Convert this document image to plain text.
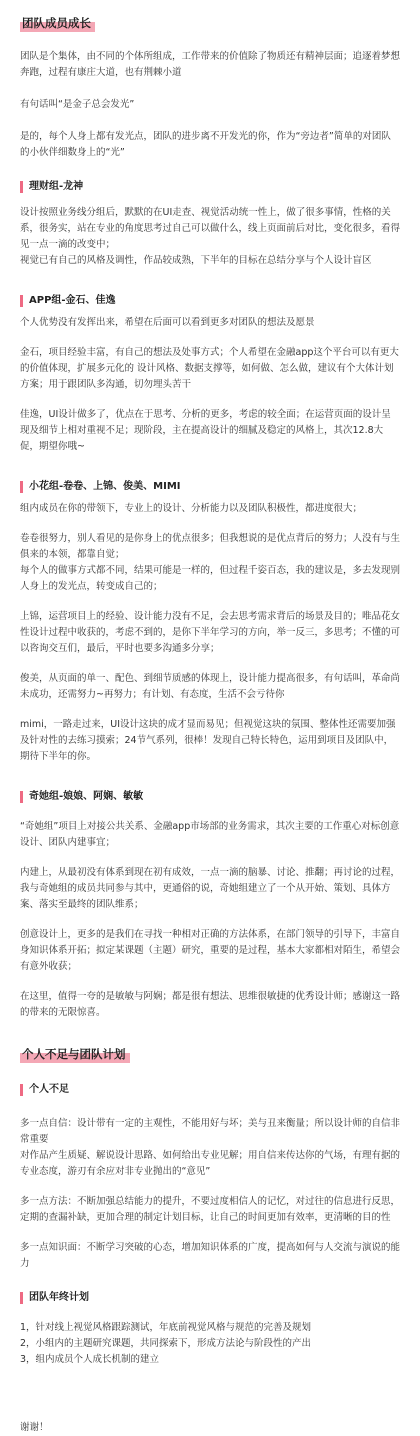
团队成员成长

团队是个集体，由不同的个体所组成，工作带来的价值除了物质还有精神层面；追逐着梦想奔跑，过程有康庄大道，也有荆棘小道

有句话叫“是金子总会发光”

是的，每个人身上都有发光点，团队的进步离不开发光的你，作为“旁边者”简单的对团队的小伙伴细数身上的“光”

理财组-龙神

设计按照业务线分组后，默默的在UI走查、视觉活动统一性上，做了很多事情，性格的关系，很务实，站在专业的角度思考过自己可以做什么，线上页面前后对比，变化很多，看得见一点一滴的改变中；
视觉已有自己的风格及调性，作品较成熟，下半年的目标在总结分享与个人设计盲区

APP组-金石、佳逸

个人优势没有发挥出来，希望在后面可以看到更多对团队的想法及愿景

金石，项目经验丰富，有自己的想法及处事方式；个人希望在金融app这个平台可以有更大的价值体现，扩展多元化的 设计风格、数据支撑等，如何做、怎么做，建议有个大体计划方案；用于跟团队多沟通，切勿埋头苦干

佳逸，UI设计做多了，优点在于思考、分析的更多，考虑的较全面；在运营页面的设计呈现及细节上相对重视不足；现阶段，主在提高设计的细腻及稳定的风格上，其次12.8大促，期望你哦~

小花组-卷卷、上锦、俊美、MIMI

组内成员在你的带领下，专业上的设计、分析能力以及团队积极性，都进度很大；

卷卷很努力，别人看见的是你身上的优点很多；但我想说的是优点背后的努力；人没有与生俱来的本领，都靠自觉；
每个人的做事方式都不同，结果可能是一样的，但过程千姿百态，我的建议是，多去发现别人身上的发光点，转变成自己的；

上锦，运营项目上的经验、设计能力没有不足，会去思考需求背后的场景及目的；唯品花女性设计过程中收获的，考虑不到的，是你下半年学习的方向，举一反三，多思考；不懂的可以咨询交互们，最后，平时也要多沟通多分享；

俊美，从页面的单一、配色、到细节质感的体现上，设计能力提高很多，有句话叫，革命尚未成功，还需努力~再努力；有计划、有态度，生活不会亏待你

mimi，一路走过来，UI设计这块的成才显而易见；但视觉这块的氛围、整体性还需要加强及针对性的去练习摸索；24节气系列，很棒！发现自己特长特色，运用到项目及团队中，期待下半年的你。

奇她组-娘娘、阿娴、敏敏

“奇她组”项目上对接公共关系、金融app市场部的业务需求，其次主要的工作重心对标创意设计、团队内建事宜；

内建上，从最初没有体系到现在初有成效，一点一滴的脑暴、讨论、推翻；再讨论的过程，我与奇她组的成员共同参与其中，更通俗的说，奇她组建立了一个从开始、策划、具体方案、落实至最终的团队维系；

创意设计上，更多的是我们在寻找一种相对正确的方法体系，在部门领导的引导下，丰富自身知识体系开拓；拟定某课题（主题）研究，重要的是过程，基本大家都相对陌生，希望会有意外收获；

在这里，值得一夸的是敏敏与阿娴；都是很有想法、思维很敏捷的优秀设计师；感谢这一路的带来的无限惊喜。

个人不足与团队计划
个人不足

多一点自信：设计带有一定的主观性，不能用好与坏；美与丑来衡量；所以设计师的自信非常重要
对作品产生质疑、解说设计思路、如何给出专业见解；用自信来传达你的气场，有理有据的专业态度，游刃有余应对非专业抛出的“意见”

多一点方法：不断加强总结能力的提升，不要过度相信人的记忆，对过往的信息进行反思，定期的查漏补缺，更加合理的制定计划目标，让自己的时间更加有效率，更清晰的目的性

多一点知识面：不断学习突破的心态，增加知识体系的广度，提高如何与人交流与演说的能力

团队年终计划

1，针对线上视觉风格跟踪测试，年底前视觉风格与规范的完善及规划

2，小组内的主题研究课题，共同探索下，形成方法论与阶段性的产出

3，组内成员个人成长机制的建立

谢谢！
